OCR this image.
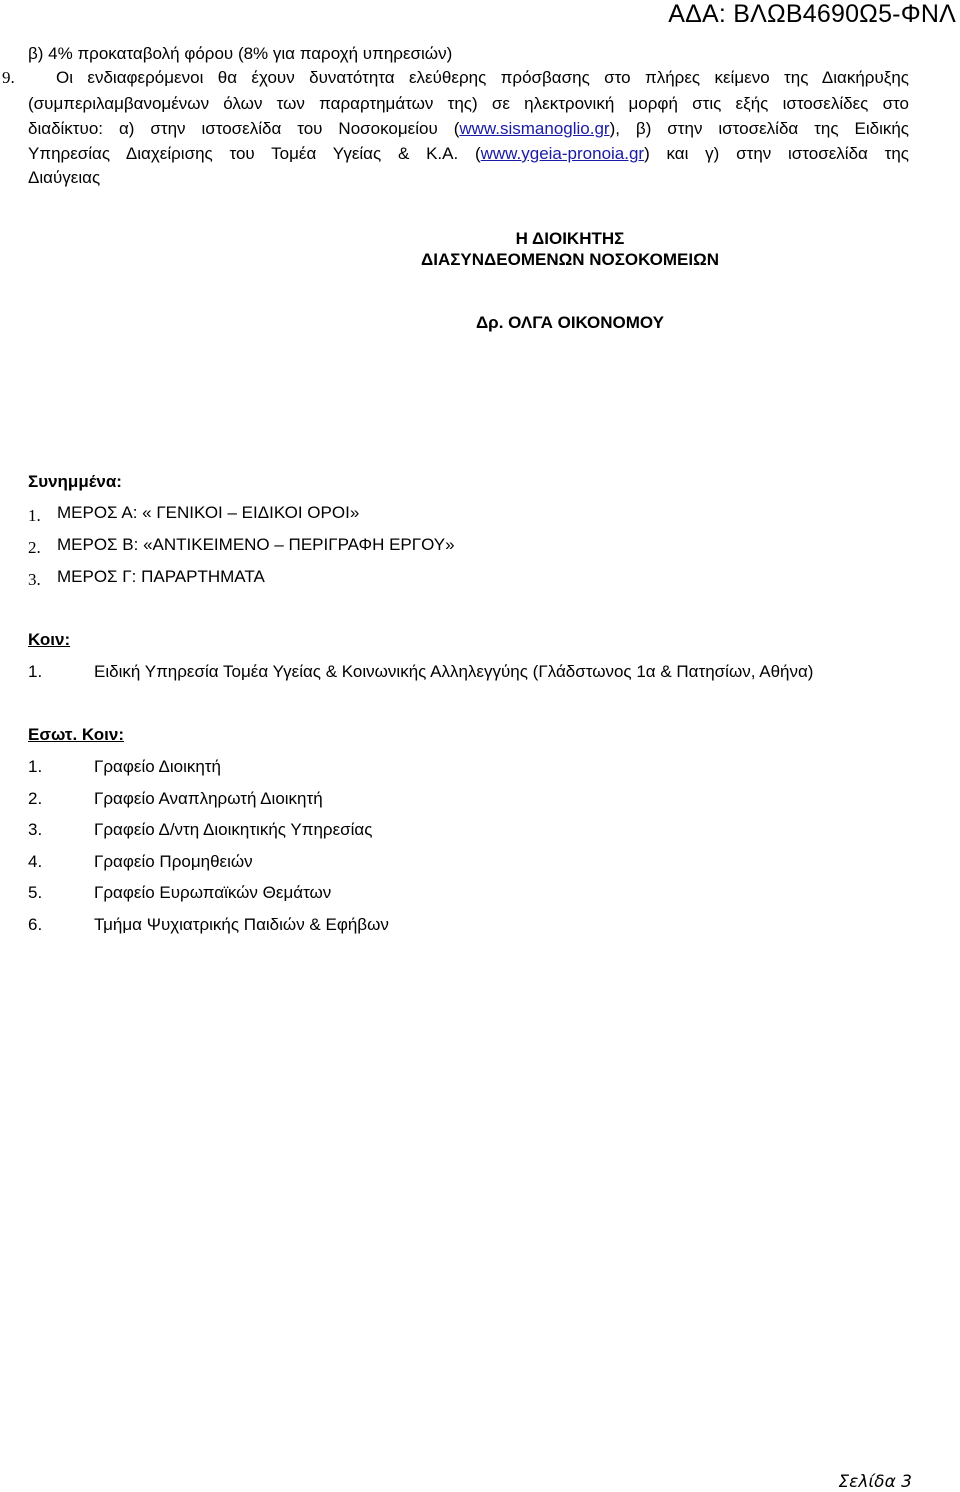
ΑΔΑ: ΒΛΩΒ4690Ω5-ΦΝΛ
β) 4% προκαταβολή φόρου (8% για παροχή υπηρεσιών)
9. Οι ενδιαφερόμενοι θα έχουν δυνατότητα ελεύθερης πρόσβασης στο πλήρες κείμενο της Διακήρυξης
(συμπεριλαμβανομένων όλων των παραρτημάτων της) σε ηλεκτρονική μορφή στις εξής ιστοσελίδες στο
διαδίκτυο: α) στην ιστοσελίδα του Νοσοκομείου (www.sismanoglio.gr), β) στην ιστοσελίδα της Ειδικής
Υπηρεσίας Διαχείρισης του Τομέα Υγείας & Κ.Α. (www.ygeia-pronoia.gr) και γ) στην ιστοσελίδα της
Διαύγειας
Η ΔΙΟΙΚΗΤΗΣ
ΔΙΑΣΥΝΔΕΟΜΕΝΩΝ ΝΟΣΟΚΟΜΕΙΩΝ
Δρ. ΟΛΓΑ ΟΙΚΟΝΟΜΟΥ
Συνημμένα:
1. ΜΕΡΟΣ Α: « ΓΕΝΙΚΟΙ – ΕΙΔΙΚΟΙ ΟΡΟΙ»
2. ΜΕΡΟΣ Β: «ΑΝΤΙΚΕΙΜΕΝΟ – ΠΕΡΙΓΡΑΦΗ ΕΡΓΟΥ»
3. ΜΕΡΟΣ Γ: ΠΑΡΑΡΤΗΜΑΤΑ
Κοιν:
1.	Ειδική Υπηρεσία Τομέα Υγείας & Κοινωνικής Αλληλεγγύης (Γλάδστωνος 1α & Πατησίων, Αθήνα)
Εσωτ. Κοιν:
1.	Γραφείο Διοικητή
2.	Γραφείο Αναπληρωτή Διοικητή
3.	Γραφείο Δ/ντη Διοικητικής Υπηρεσίας
4.	Γραφείο Προμηθειών
5.	Γραφείο Ευρωπαϊκών Θεμάτων
6.	Τμήμα Ψυχιατρικής Παιδιών & Εφήβων
Σελίδα 3
